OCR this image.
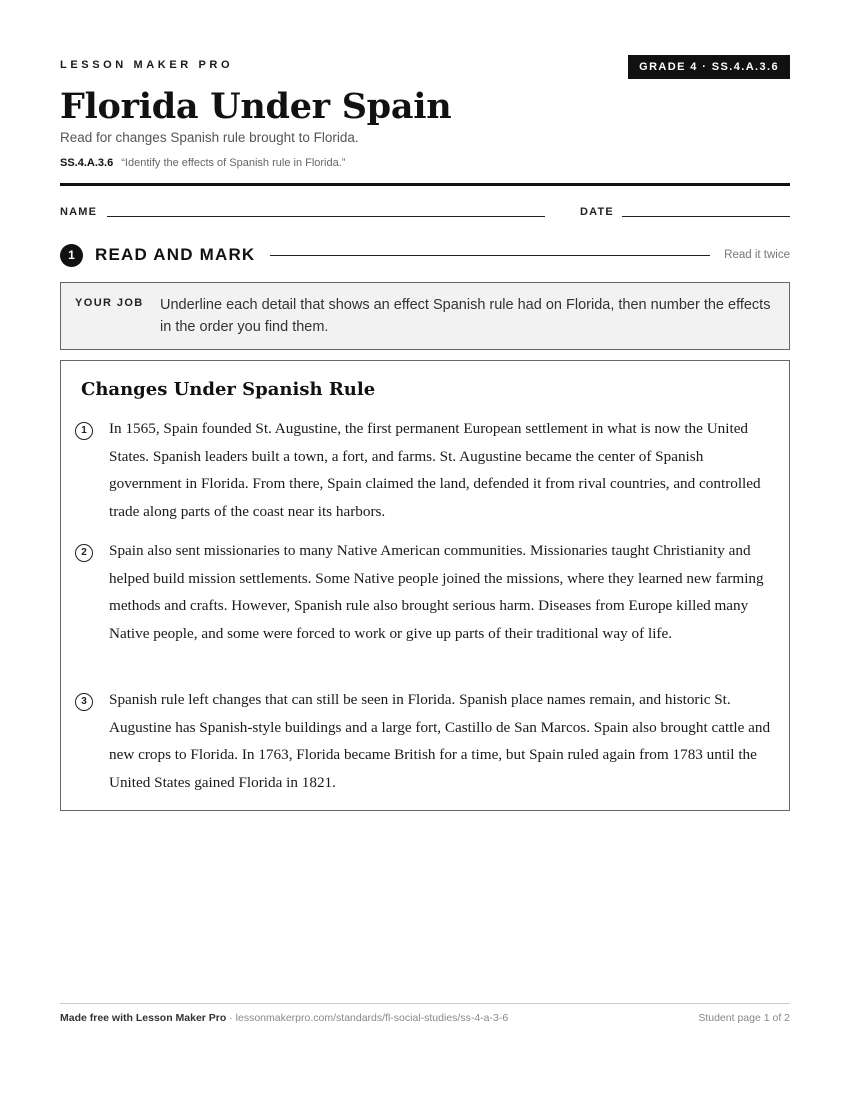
LESSON MAKER PRO	GRADE 4 · SS.4.A.3.6
Florida Under Spain
Read for changes Spanish rule brought to Florida.
SS.4.A.3.6 “Identify the effects of Spanish rule in Florida.”
NAME	DATE
1	READ AND MARK	Read it twice
YOUR JOB Underline each detail that shows an effect Spanish rule had on Florida, then number the effects in the order you find them.
Changes Under Spanish Rule
1	In 1565, Spain founded St. Augustine, the first permanent European settlement in what is now the United States. Spanish leaders built a town, a fort, and farms. St. Augustine became the center of Spanish government in Florida. From there, Spain claimed the land, defended it from rival countries, and controlled trade along parts of the coast near its harbors.

2	Spain also sent missionaries to many Native American communities. Missionaries taught Christianity and helped build mission settlements. Some Native people joined the missions, where they learned new farming methods and crafts. However, Spanish rule also brought serious harm. Diseases from Europe killed many Native people, and some were forced to work or give up parts of their traditional way of life.

3	Spanish rule left changes that can still be seen in Florida. Spanish place names remain, and historic St. Augustine has Spanish-style buildings and a large fort, Castillo de San Marcos. Spain also brought cattle and new crops to Florida. In 1763, Florida became British for a time, but Spain ruled again from 1783 until the United States gained Florida in 1821.

Made free with Lesson Maker Pro · lessonmakerpro.com/standards/fl-social-studies/ss-4-a-3-6	Student page 1 of 2
